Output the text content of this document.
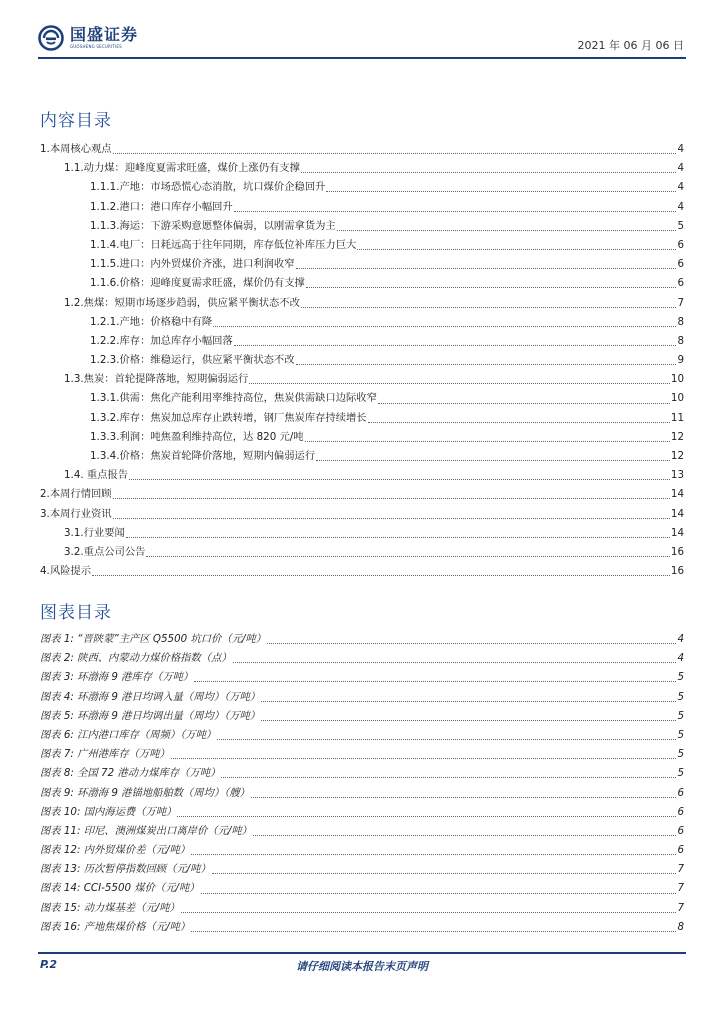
国盛证券
GUOSHENG SECURITIES	2021 年 06 月 06 日
内容目录
1.本周核心观点	4
1.1.动力煤：迎峰度夏需求旺盛，煤价上涨仍有支撑	4
1.1.1.产地：市场恐慌心态消散，坑口煤价企稳回升	4
1.1.2.港口：港口库存小幅回升	4
1.1.3.海运：下游采购意愿整体偏弱，以刚需拿货为主	5
1.1.4.电厂：日耗远高于往年同期，库存低位补库压力巨大	6
1.1.5.进口：内外贸煤价齐涨，进口利润收窄	6
1.1.6.价格：迎峰度夏需求旺盛，煤价仍有支撑	6
1.2.焦煤：短期市场逐步趋弱，供应紧平衡状态不改	7
1.2.1.产地：价格稳中有降	8
1.2.2.库存：加总库存小幅回落	8
1.2.3.价格：维稳运行，供应紧平衡状态不改	9
1.3.焦炭：首轮提降落地，短期偏弱运行	10
1.3.1.供需：焦化产能利用率维持高位，焦炭供需缺口边际收窄	10
1.3.2.库存：焦炭加总库存止跌转增，钢厂焦炭库存持续增长	11
1.3.3.利润：吨焦盈利维持高位，达 820 元/吨	12
1.3.4.价格：焦炭首轮降价落地，短期内偏弱运行	12
1.4. 重点报告	13
2.本周行情回顾	14
3.本周行业资讯	14
3.1.行业要闻	14
3.2.重点公司公告	16
4.风险提示	16
图表目录
图表 1: “晋陕蒙”主产区 Q5500 坑口价（元/吨）	4
图表 2: 陕西、内蒙动力煤价格指数（点）	4
图表 3: 环渤海 9 港库存（万吨）	5
图表 4: 环渤海 9 港日均调入量（周均）（万吨）	5
图表 5: 环渤海 9 港日均调出量（周均）（万吨）	5
图表 6: 江内港口库存（周频）（万吨）	5
图表 7: 广州港库存（万吨）	5
图表 8: 全国 72 港动力煤库存（万吨）	5
图表 9: 环渤海 9 港锚地船舶数（周均）（艘）	6
图表 10: 国内海运费（万吨）	6
图表 11: 印尼、澳洲煤炭出口离岸价（元/吨）	6
图表 12: 内外贸煤价差（元/吨）	6
图表 13: 历次暂停指数回顾（元/吨）	7
图表 14: CCI-5500 煤价（元/吨）	7
图表 15: 动力煤基差（元/吨）	7
图表 16: 产地焦煤价格（元/吨）	8
P.2	请仔细阅读本报告末页声明
